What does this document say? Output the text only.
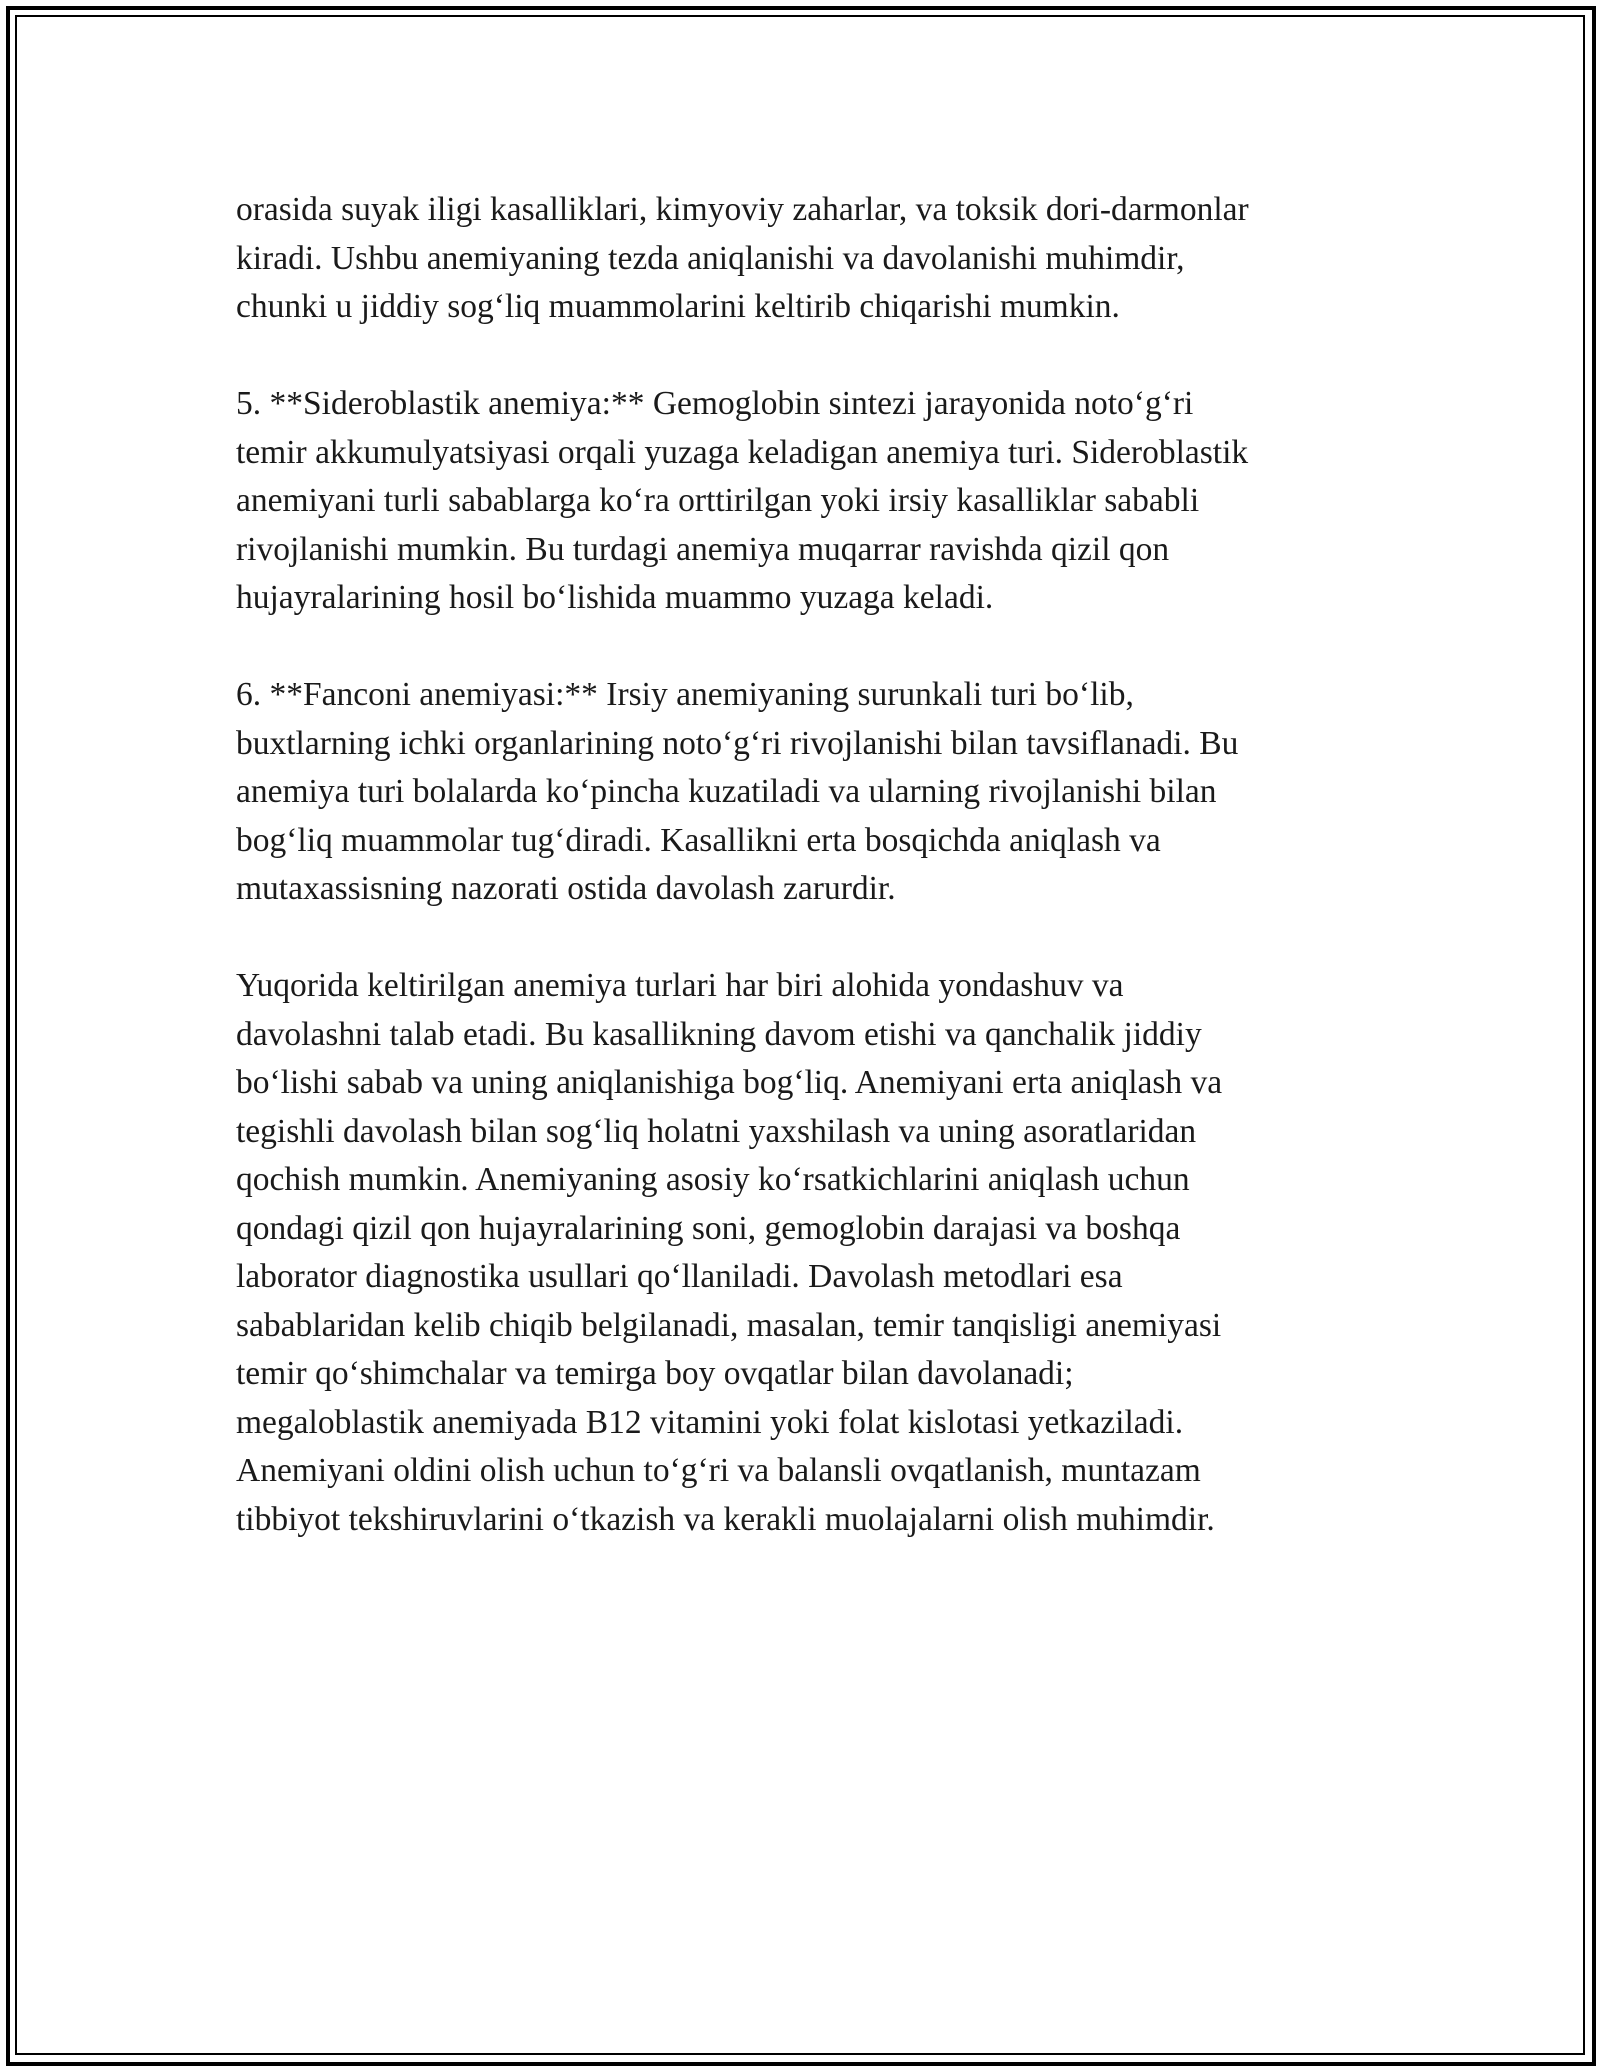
orasida suyak iligi kasalliklari, kimyoviy zaharlar, va toksik dori-darmonlar
kiradi. Ushbu anemiyaning tezda aniqlanishi va davolanishi muhimdir,
chunki u jiddiy sog‘liq muammolarini keltirib chiqarishi mumkin.

5. **Sideroblastik anemiya:** Gemoglobin sintezi jarayonida noto‘g‘ri
temir akkumulyatsiyasi orqali yuzaga keladigan anemiya turi. Sideroblastik
anemiyani turli sabablarga ko‘ra orttirilgan yoki irsiy kasalliklar sababli
rivojlanishi mumkin. Bu turdagi anemiya muqarrar ravishda qizil qon
hujayralarining hosil bo‘lishida muammo yuzaga keladi.

6. **Fanconi anemiyasi:** Irsiy anemiyaning surunkali turi bo‘lib,
buxtlarning ichki organlarining noto‘g‘ri rivojlanishi bilan tavsiflanadi. Bu
anemiya turi bolalarda ko‘pincha kuzatiladi va ularning rivojlanishi bilan
bog‘liq muammolar tug‘diradi. Kasallikni erta bosqichda aniqlash va
mutaxassisning nazorati ostida davolash zarurdir.

Yuqorida keltirilgan anemiya turlari har biri alohida yondashuv va
davolashni talab etadi. Bu kasallikning davom etishi va qanchalik jiddiy
bo‘lishi sabab va uning aniqlanishiga bog‘liq. Anemiyani erta aniqlash va
tegishli davolash bilan sog‘liq holatni yaxshilash va uning asoratlaridan
qochish mumkin. Anemiyaning asosiy ko‘rsatkichlarini aniqlash uchun
qondagi qizil qon hujayralarining soni, gemoglobin darajasi va boshqa
laborator diagnostika usullari qo‘llaniladi. Davolash metodlari esa
sabablaridan kelib chiqib belgilanadi, masalan, temir tanqisligi anemiyasi
temir qo‘shimchalar va temirga boy ovqatlar bilan davolanadi;
megaloblastik anemiyada B12 vitamini yoki folat kislotasi yetkaziladi.
Anemiyani oldini olish uchun to‘g‘ri va balansli ovqatlanish, muntazam
tibbiyot tekshiruvlarini o‘tkazish va kerakli muolajalarni olish muhimdir.
